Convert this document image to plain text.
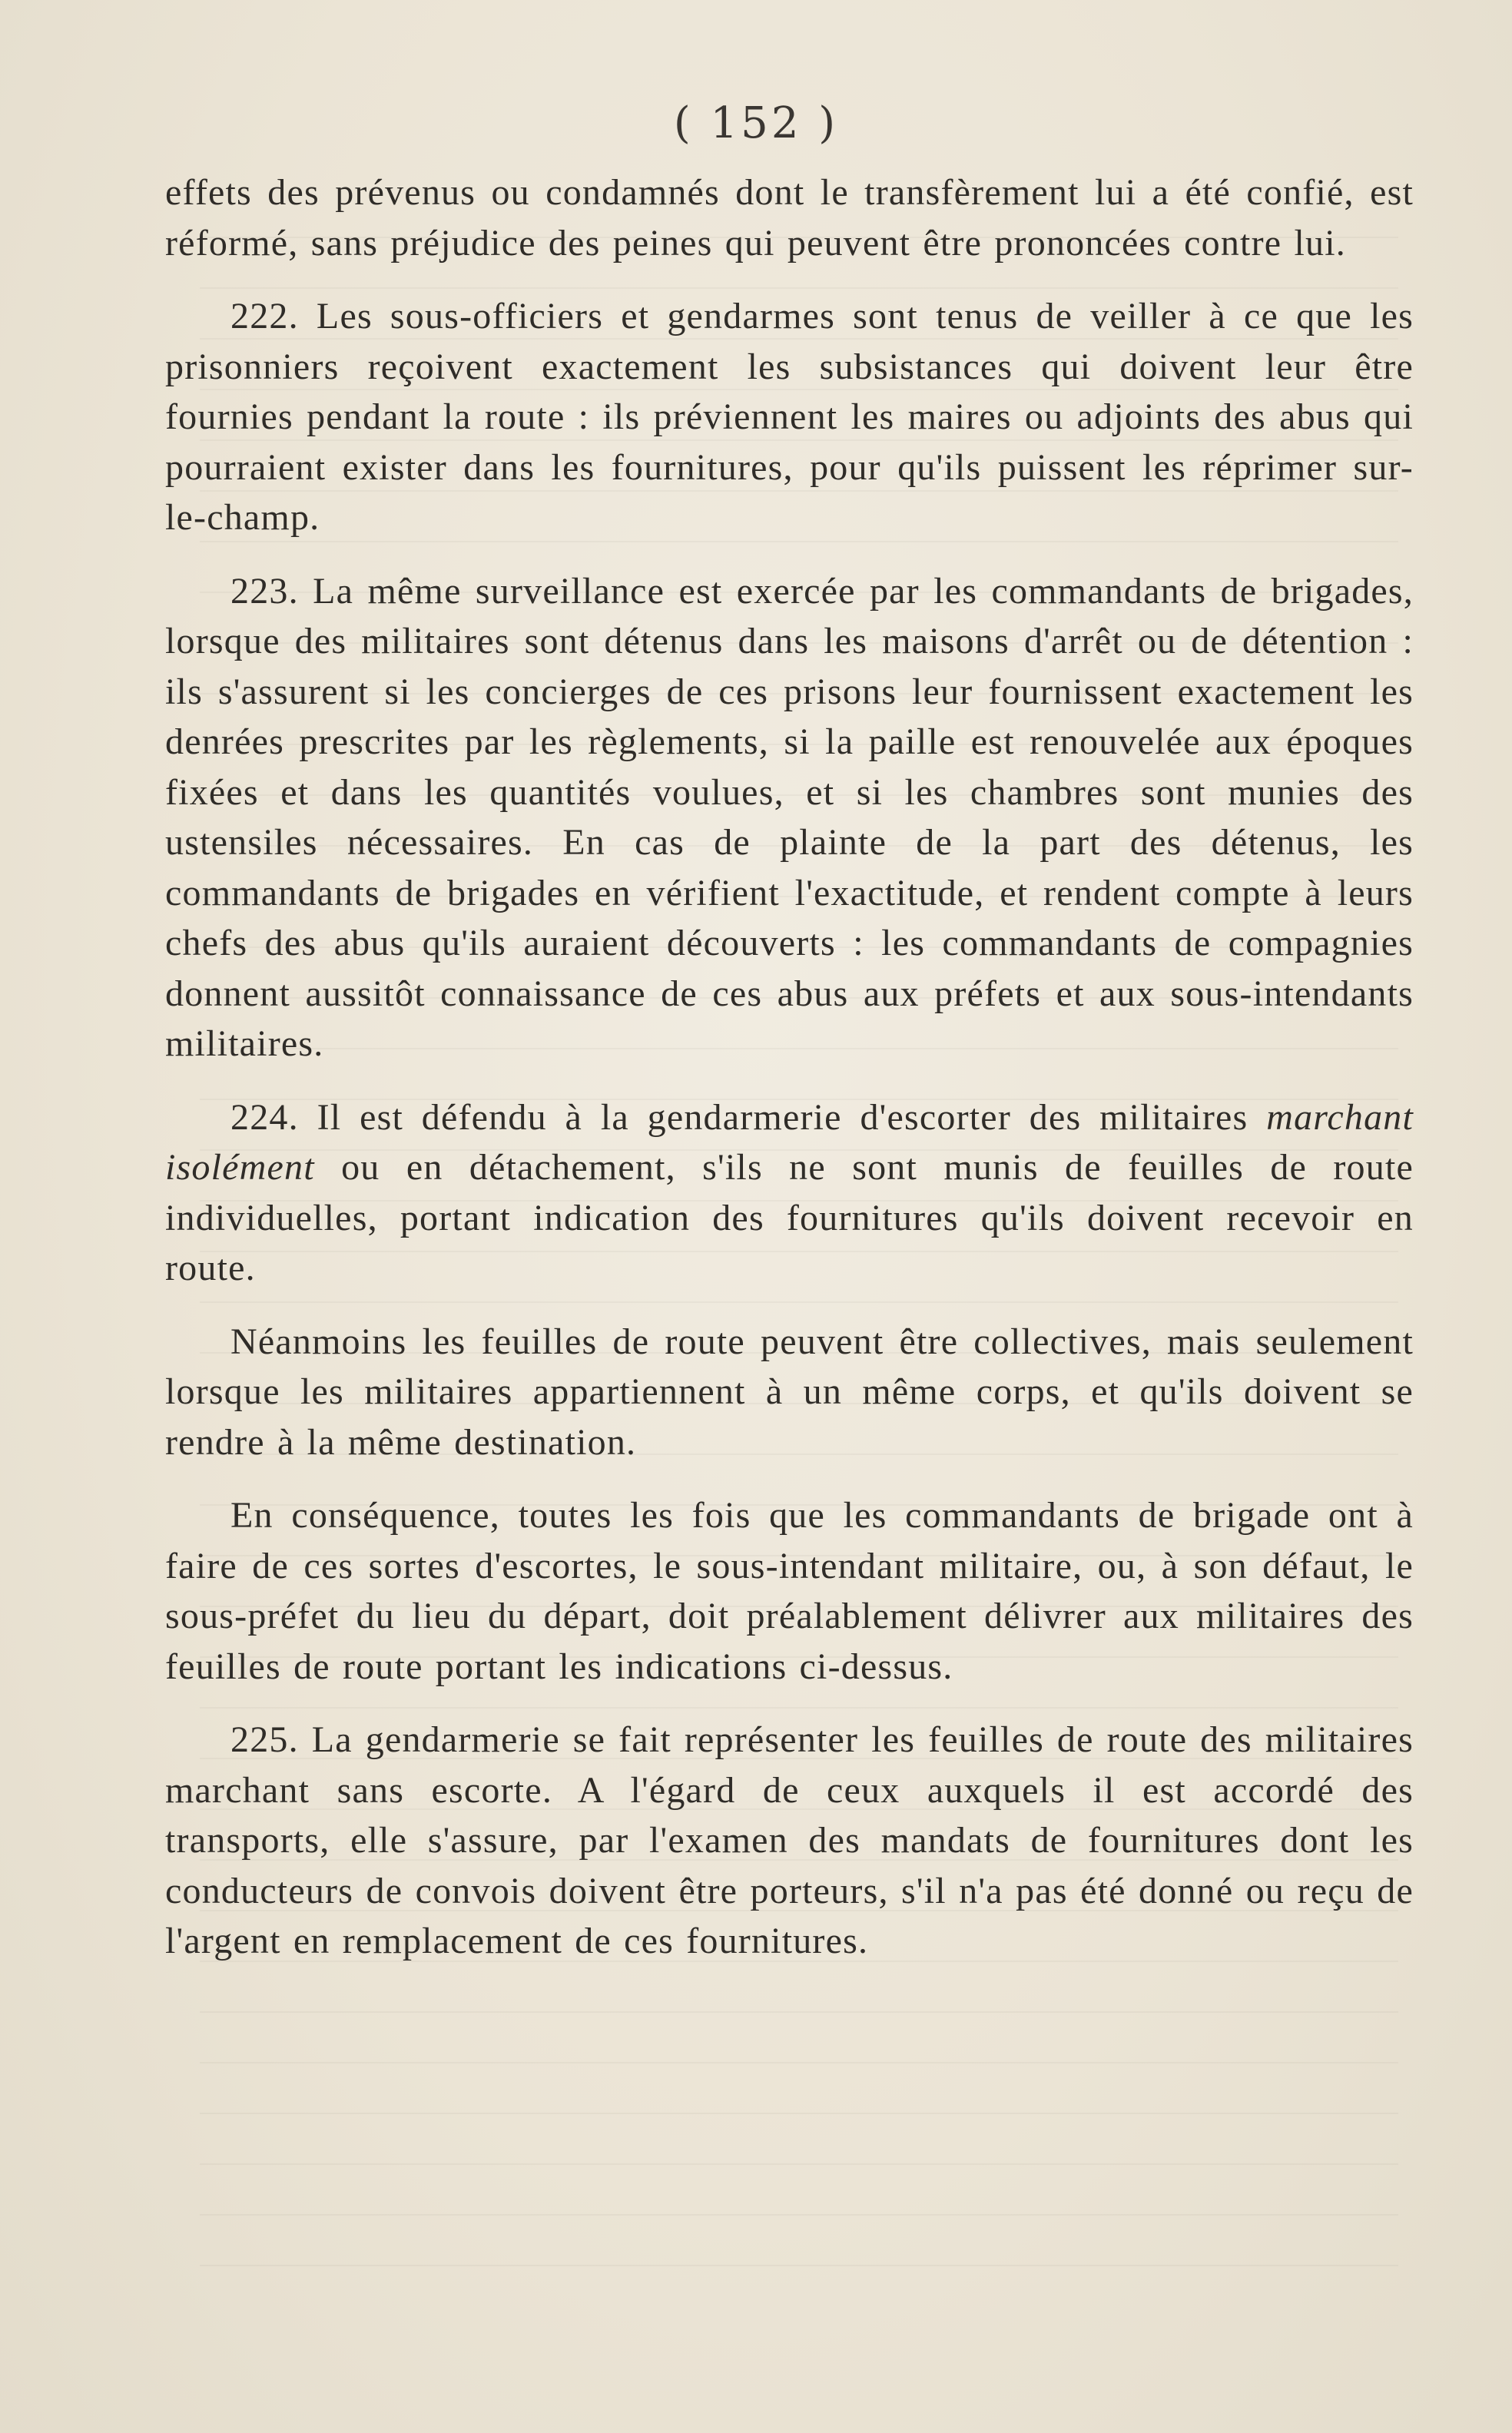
( 152 )

effets des prévenus ou condamnés dont le transfèrement lui a été confié, est réformé, sans préjudice des peines qui peuvent être prononcées contre lui.

222. Les sous-officiers et gendarmes sont tenus de veiller à ce que les prisonniers reçoivent exactement les subsistances qui doivent leur être fournies pendant la route : ils préviennent les maires ou adjoints des abus qui pourraient exister dans les fournitures, pour qu'ils puissent les réprimer sur-le-champ.

223. La même surveillance est exercée par les commandants de brigades, lorsque des militaires sont détenus dans les maisons d'arrêt ou de détention : ils s'assurent si les concierges de ces prisons leur fournissent exactement les denrées prescrites par les règlements, si la paille est renouvelée aux époques fixées et dans les quantités voulues, et si les chambres sont munies des ustensiles nécessaires. En cas de plainte de la part des détenus, les commandants de brigades en vérifient l'exactitude, et rendent compte à leurs chefs des abus qu'ils auraient découverts : les commandants de compagnies donnent aussitôt connaissance de ces abus aux préfets et aux sous-intendants militaires.

224. Il est défendu à la gendarmerie d'escorter des militaires marchant isolément ou en détachement, s'ils ne sont munis de feuilles de route individuelles, portant indication des fournitures qu'ils doivent recevoir en route.

Néanmoins les feuilles de route peuvent être collectives, mais seulement lorsque les militaires appartiennent à un même corps, et qu'ils doivent se rendre à la même destination.

En conséquence, toutes les fois que les commandants de brigade ont à faire de ces sortes d'escortes, le sous-intendant militaire, ou, à son défaut, le sous-préfet du lieu du départ, doit préalablement délivrer aux militaires des feuilles de route portant les indications ci-dessus.

225. La gendarmerie se fait représenter les feuilles de route des militaires marchant sans escorte. A l'égard de ceux auxquels il est accordé des transports, elle s'assure, par l'examen des mandats de fournitures dont les conducteurs de convois doivent être porteurs, s'il n'a pas été donné ou reçu de l'argent en remplacement de ces fournitures.
